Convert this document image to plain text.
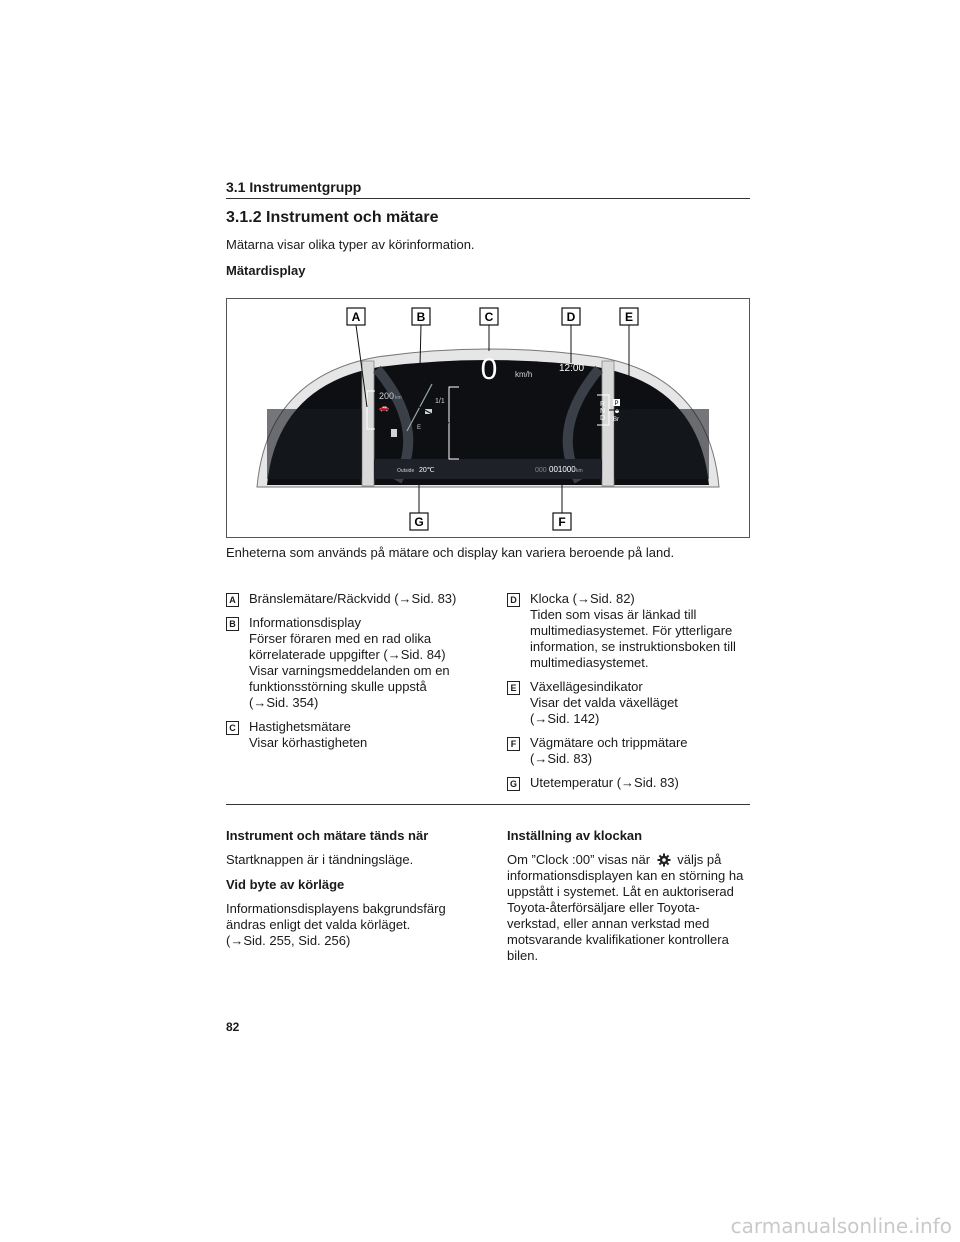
3.1 Instrumentgrupp
3.1.2 Instrument och mätare
Mätarna visar olika typer av körinformation.
Mätardisplay
0 km/h
12:00
200 km
🚗
1/1
E
R
N
D
P
Br
Outside 20℃	000 001000 km
A	B	C	D	E
G	F
Enheterna som används på mätare och display kan variera beroende på land.
A Bränslemätare/Räckvidd (→Sid. 83)
B Informationsdisplay
Förser föraren med en rad olika
körrelaterade uppgifter (→Sid. 84)
Visar varningsmeddelanden om en
funktionsstörning skulle uppstå
(→Sid. 354)
C Hastighetsmätare
Visar körhastigheten
D Klocka (→Sid. 82)
Tiden som visas är länkad till
multimediasystemet. För ytterligare
information, se instruktionsboken till
multimediasystemet.
E Växellägesindikator
Visar det valda växelläget
(→Sid. 142)
F Vägmätare och trippmätare
(→Sid. 83)
G Utetemperatur (→Sid. 83)
Instrument och mätare tänds när
Startknappen är i tändningsläge.
Vid byte av körläge
Informationsdisplayens bakgrundsfärg
ändras enligt det valda körläget.
(→Sid. 255, Sid. 256)
Inställning av klockan
Om ”Clock :00” visas när väljs på
informationsdisplayen kan en störning ha
uppstått i systemet. Låt en auktoriserad
Toyota-återförsäljare eller Toyota-
verkstad, eller annan verkstad med
motsvarande kvalifikationer kontrollera
bilen.
82
carmanualsonline.info
